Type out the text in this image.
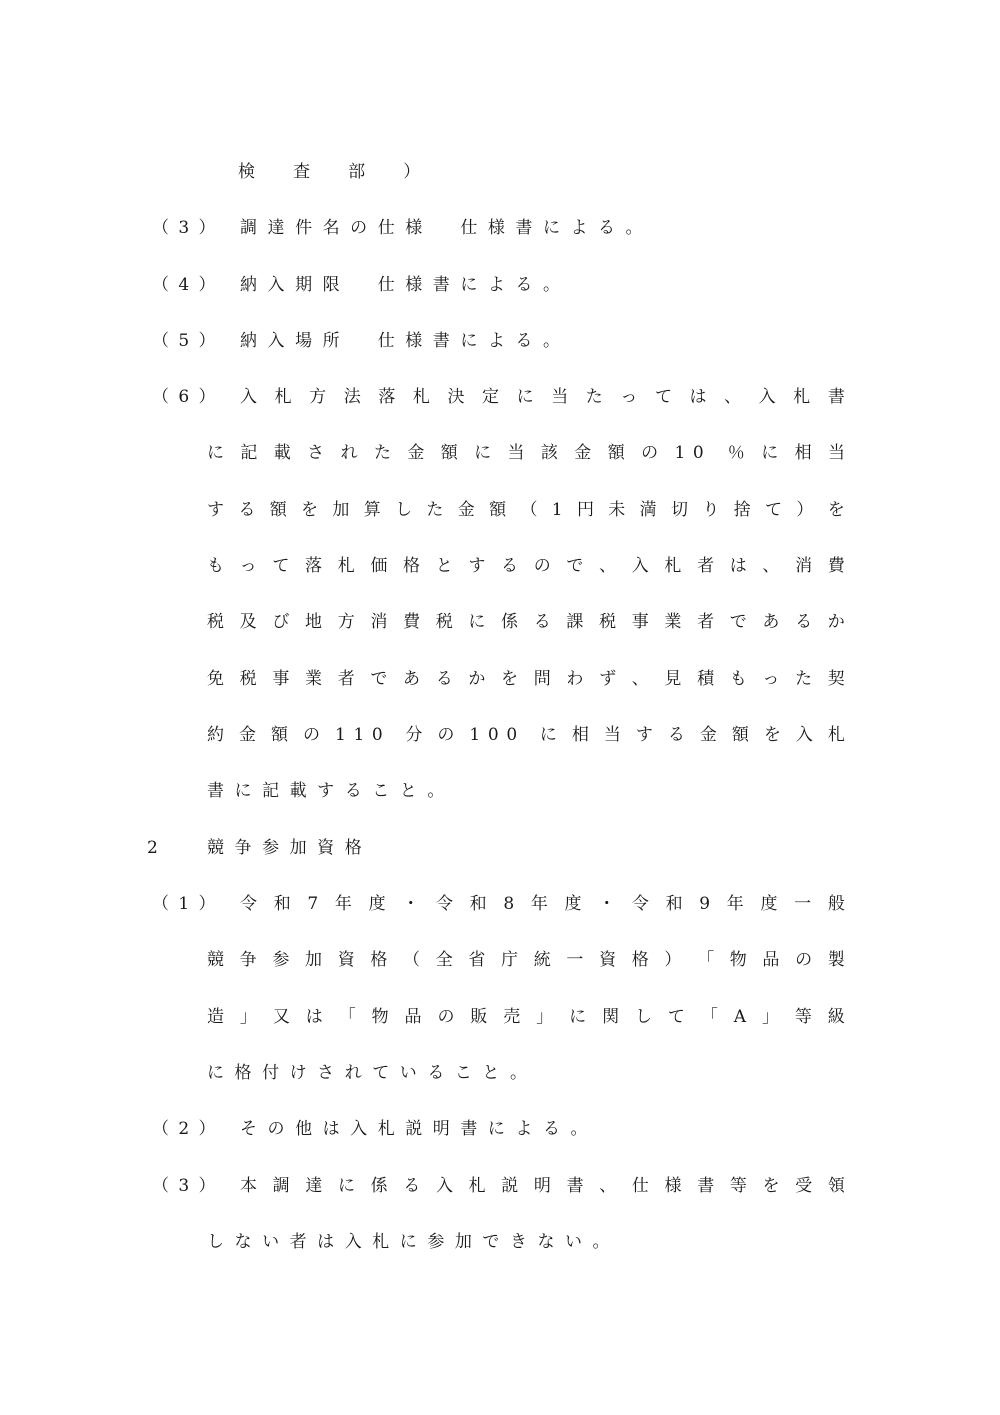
検　査　部　）
（3） 調達件名の仕様　仕様書による。
（4） 納入期限　仕様書による。
（5） 納入場所　仕様書による。
（6） 入 札 方 法 落 札 決 定 に 当 た っ て は 、 入 札 書
に 記 載 さ れ た 金 額 に 当 該 金 額 の 10 ％ に 相 当
す る 額 を 加 算 し た 金 額 （ 1 円 未 満 切 り 捨 て ） を
も っ て 落 札 価 格 と す る の で 、 入 札 者 は 、 消 費
税 及 び 地 方 消 費 税 に 係 る 課 税 事 業 者 で あ る か
免 税 事 業 者 で あ る か を 問 わ ず 、 見 積 も っ た 契
約 金 額 の 110 分 の 100 に 相 当 す る 金 額 を 入 札
書に記載すること。
2 競争参加資格
（1） 令 和 7 年 度 ・ 令 和 8 年 度 ・ 令 和 9 年 度 一 般
競 争 参 加 資 格 （ 全 省 庁 統 一 資 格 ） 「 物 品 の 製
造 」 又 は 「 物 品 の 販 売 」 に 関 し て 「 A 」 等 級
に格付けされていること。
（2） その他は入札説明書による。
（3） 本 調 達 に 係 る 入 札 説 明 書 、 仕 様 書 等 を 受 領
しない者は入札に参加できない。
